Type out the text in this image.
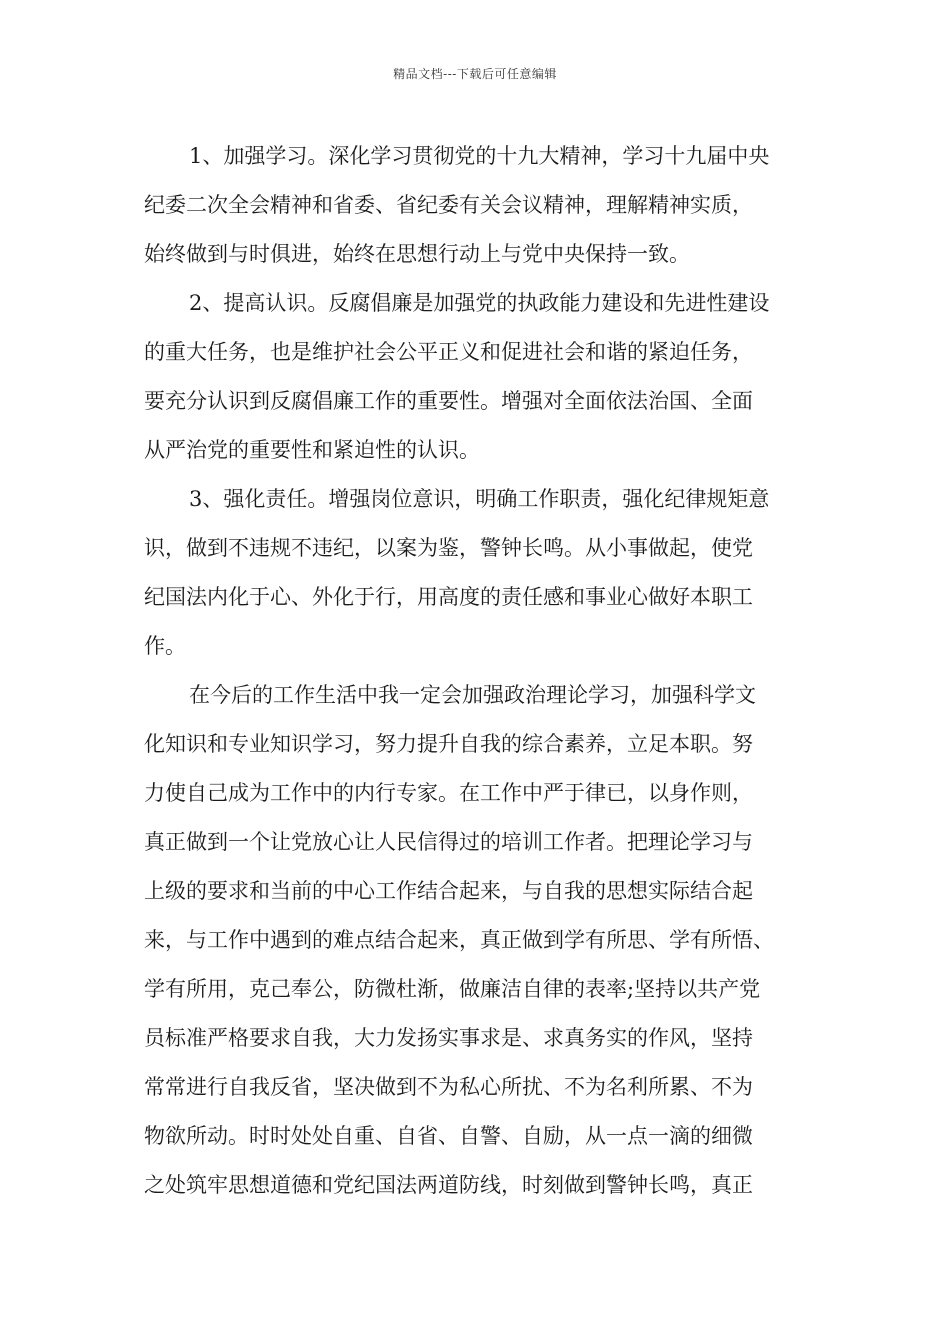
精品文档---下载后可任意编辑
1、加强学习。深化学习贯彻党的十九大精神，学习十九届中央
纪委二次全会精神和省委、省纪委有关会议精神，理解精神实质，
始终做到与时俱进，始终在思想行动上与党中央保持一致。
2、提高认识。反腐倡廉是加强党的执政能力建设和先进性建设
的重大任务，也是维护社会公平正义和促进社会和谐的紧迫任务，
要充分认识到反腐倡廉工作的重要性。增强对全面依法治国、全面
从严治党的重要性和紧迫性的认识。
3、强化责任。增强岗位意识，明确工作职责，强化纪律规矩意
识，做到不违规不违纪，以案为鉴，警钟长鸣。从小事做起，使党
纪国法内化于心、外化于行，用高度的责任感和事业心做好本职工
作。
在今后的工作生活中我一定会加强政治理论学习，加强科学文
化知识和专业知识学习，努力提升自我的综合素养，立足本职。努
力使自己成为工作中的内行专家。在工作中严于律已，以身作则，
真正做到一个让党放心让人民信得过的培训工作者。把理论学习与
上级的要求和当前的中心工作结合起来，与自我的思想实际结合起
来，与工作中遇到的难点结合起来，真正做到学有所思、学有所悟、
学有所用，克己奉公，防微杜渐，做廉洁自律的表率;坚持以共产党
员标准严格要求自我，大力发扬实事求是、求真务实的作风，坚持
常常进行自我反省，坚决做到不为私心所扰、不为名利所累、不为
物欲所动。时时处处自重、自省、自警、自励，从一点一滴的细微
之处筑牢思想道德和党纪国法两道防线，时刻做到警钟长鸣，真正
